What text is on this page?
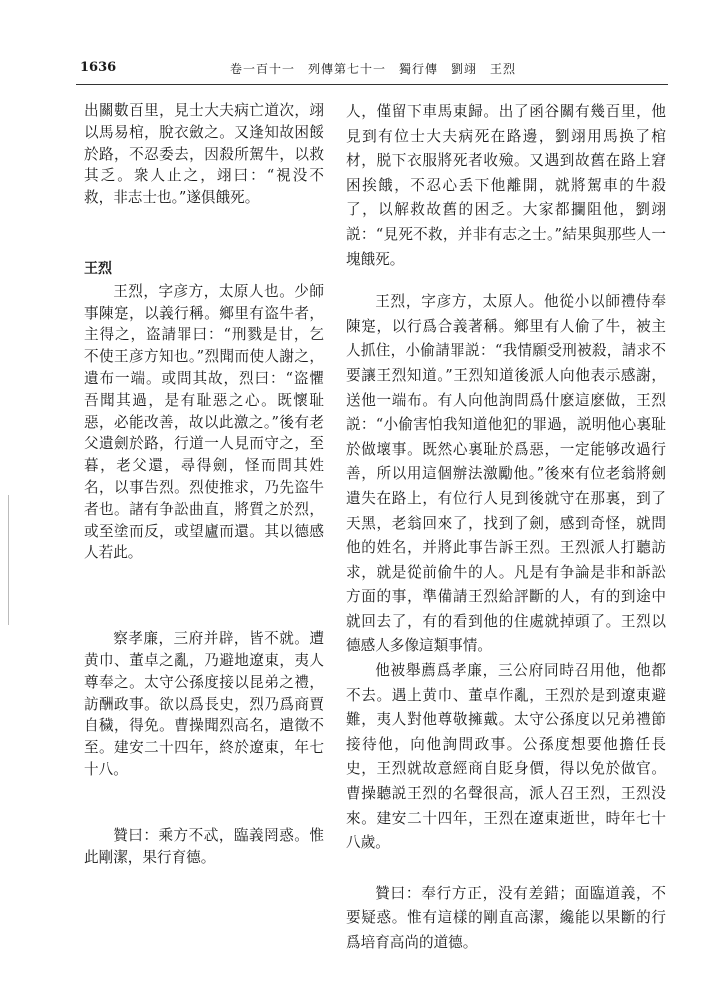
1636	卷一百十一　列傳第七十一　獨行傳　劉翊　王烈

出關數百里，見士大夫病亡道次，翊以馬易棺，脫衣斂之。又逢知故困餒於路，不忍委去，因殺所駕牛，以救其乏。衆人止之，翊曰：“視没不救，非志士也。”遂俱餓死。

王烈

王烈，字彦方，太原人也。少師事陳寔，以義行稱。鄉里有盗牛者，主得之，盗請罪曰：“刑戮是甘，乞不使王彦方知也。”烈聞而使人謝之，遺布一端。或問其故，烈曰：“盗懼吾聞其過，是有耻惡之心。既懷耻惡，必能改善，故以此激之。”後有老父遺劍於路，行道一人見而守之，至暮，老父還，尋得劍，怪而問其姓名，以事告烈。烈使推求，乃先盗牛者也。諸有争訟曲直，將質之於烈，或至塗而反，或望廬而還。其以德感人若此。

察孝廉，三府并辟，皆不就。遭黄巾、董卓之亂，乃避地遼東，夷人尊奉之。太守公孫度接以昆弟之禮，訪酬政事。欲以爲長史，烈乃爲商賈自穢，得免。曹操聞烈高名，遣徵不至。建安二十四年，終於遼東，年七十八。

贊曰：乘方不忒，臨義罔惑。惟此剛潔，果行育德。

人，僅留下車馬東歸。出了函谷關有幾百里，他見到有位士大夫病死在路邊，劉翊用馬换了棺材，脱下衣服將死者收殮。又遇到故舊在路上窘困挨餓，不忍心丢下他離開，就將駕車的牛殺了，以解救故舊的困乏。大家都攔阻他，劉翊説：“見死不救，并非有志之士。”結果與那些人一塊餓死。

王烈，字彦方，太原人。他從小以師禮侍奉陳寔，以行爲合義著稱。鄉里有人偷了牛，被主人抓住，小偷請罪説：“我情願受刑被殺，請求不要讓王烈知道。”王烈知道後派人向他表示感謝，送他一端布。有人向他詢問爲什麽這麽做，王烈説：“小偷害怕我知道他犯的罪過，説明他心裏耻於做壞事。既然心裏耻於爲惡，一定能够改過行善，所以用這個辦法激勵他。”後來有位老翁將劍遺失在路上，有位行人見到後就守在那裏，到了天黑，老翁回來了，找到了劍，感到奇怪，就問他的姓名，并將此事告訴王烈。王烈派人打聽訪求，就是從前偷牛的人。凡是有争論是非和訴訟方面的事，準備請王烈給評斷的人，有的到途中就回去了，有的看到他的住處就掉頭了。王烈以德感人多像這類事情。

他被舉薦爲孝廉，三公府同時召用他，他都不去。遇上黄巾、董卓作亂，王烈於是到遼東避難，夷人對他尊敬擁戴。太守公孫度以兄弟禮節接待他，向他詢問政事。公孫度想要他擔任長史，王烈就故意經商自貶身價，得以免於做官。曹操聽説王烈的名聲很高，派人召王烈，王烈没來。建安二十四年，王烈在遼東逝世，時年七十八歲。

贊曰：奉行方正，没有差錯；面臨道義，不要疑惑。惟有這樣的剛直高潔，纔能以果斷的行爲培育高尚的道德。
